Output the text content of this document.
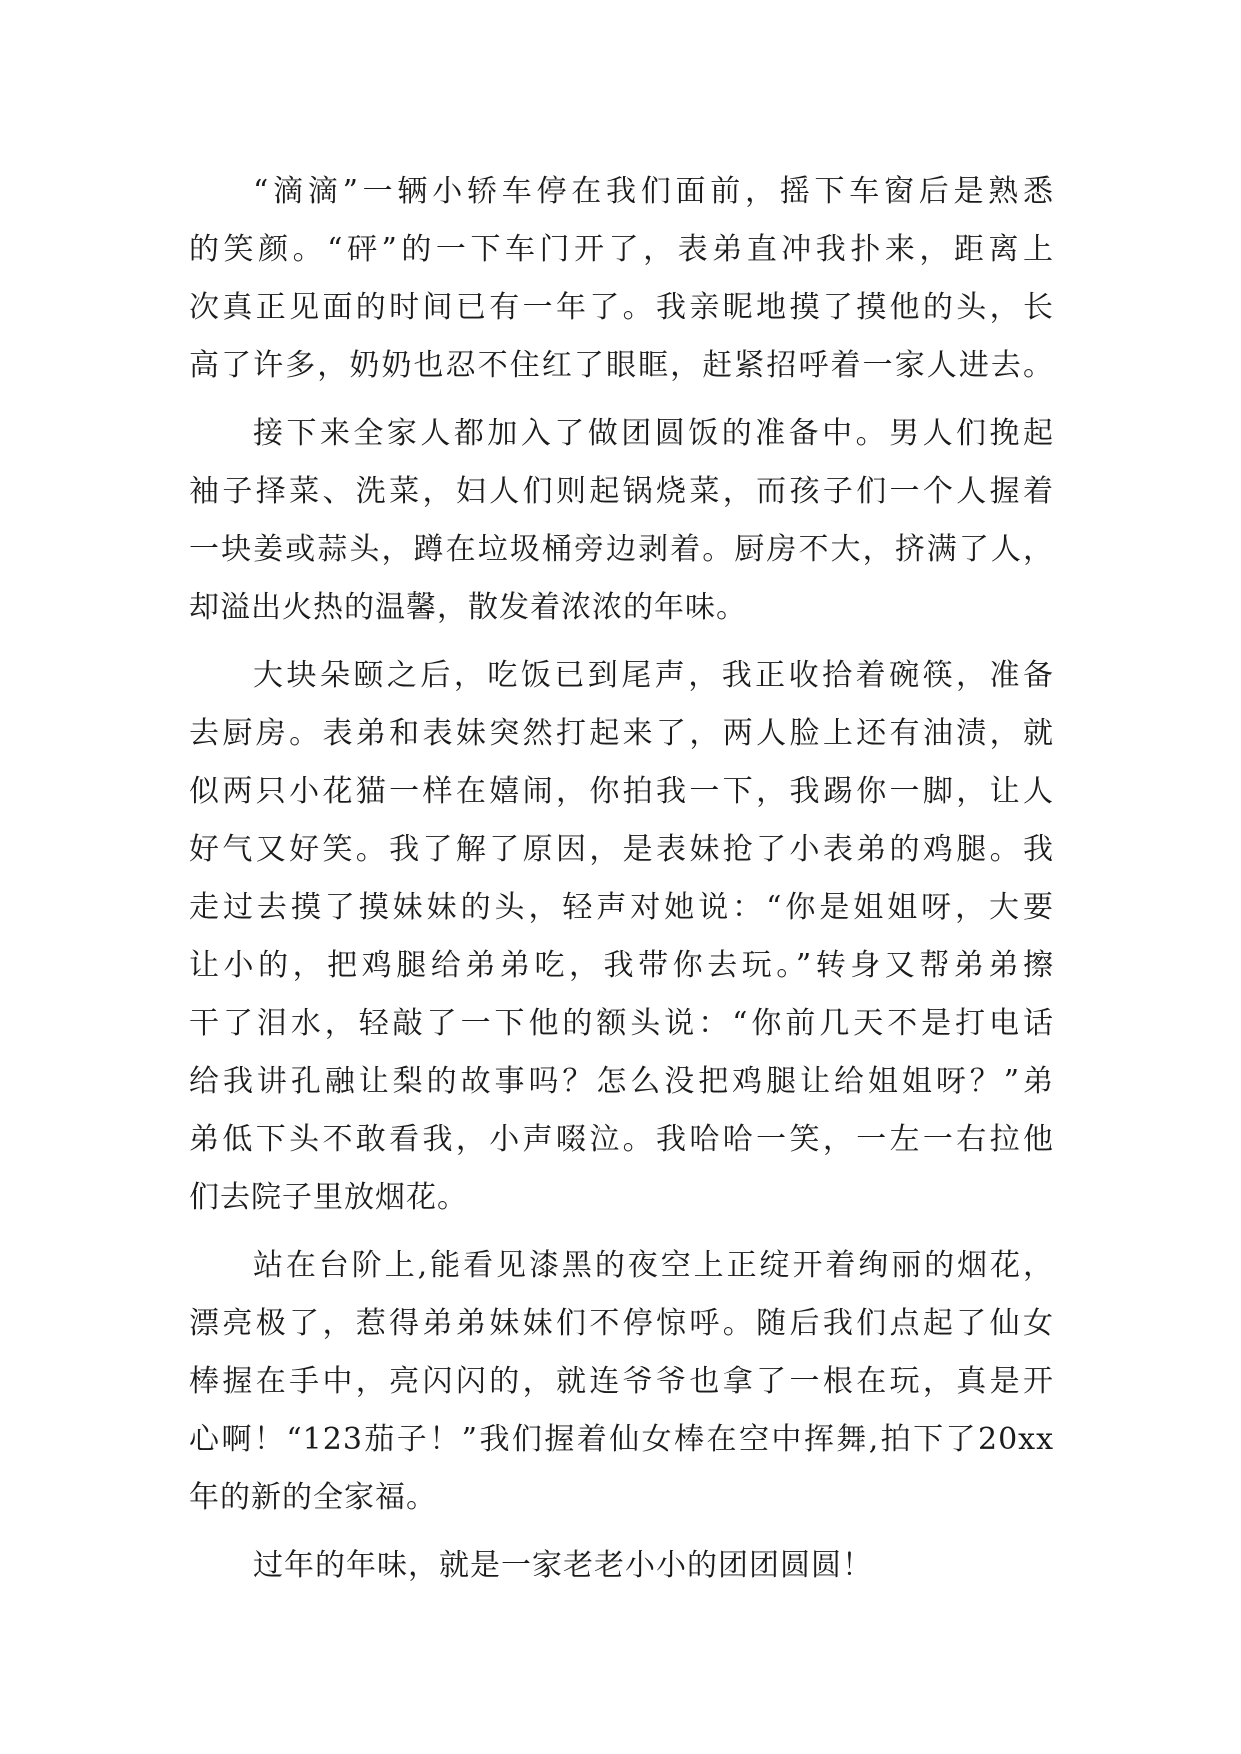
“滴滴”一辆小轿车停在我们面前，摇下车窗后是熟悉
的笑颜。“砰”的一下车门开了，表弟直冲我扑来，距离上
次真正见面的时间已有一年了。我亲昵地摸了摸他的头，长
高了许多，奶奶也忍不住红了眼眶，赶紧招呼着一家人进去。
接下来全家人都加入了做团圆饭的准备中。男人们挽起
袖子择菜、洗菜，妇人们则起锅烧菜，而孩子们一个人握着
一块姜或蒜头，蹲在垃圾桶旁边剥着。厨房不大，挤满了人，
却溢出火热的温馨，散发着浓浓的年味。
大块朵颐之后，吃饭已到尾声，我正收拾着碗筷，准备
去厨房。表弟和表妹突然打起来了，两人脸上还有油渍，就
似两只小花猫一样在嬉闹，你拍我一下，我踢你一脚，让人
好气又好笑。我了解了原因，是表妹抢了小表弟的鸡腿。我
走过去摸了摸妹妹的头，轻声对她说：“你是姐姐呀，大要
让小的，把鸡腿给弟弟吃，我带你去玩。”转身又帮弟弟擦
干了泪水，轻敲了一下他的额头说：“你前几天不是打电话
给我讲孔融让梨的故事吗？怎么没把鸡腿让给姐姐呀？”弟
弟低下头不敢看我，小声啜泣。我哈哈一笑，一左一右拉他
们去院子里放烟花。
站在台阶上,能看见漆黑的夜空上正绽开着绚丽的烟花，
漂亮极了，惹得弟弟妹妹们不停惊呼。随后我们点起了仙女
棒握在手中，亮闪闪的，就连爷爷也拿了一根在玩，真是开
心啊！“123茄子！”我们握着仙女棒在空中挥舞,拍下了20xx
年的新的全家福。
过年的年味，就是一家老老小小的团团圆圆！
